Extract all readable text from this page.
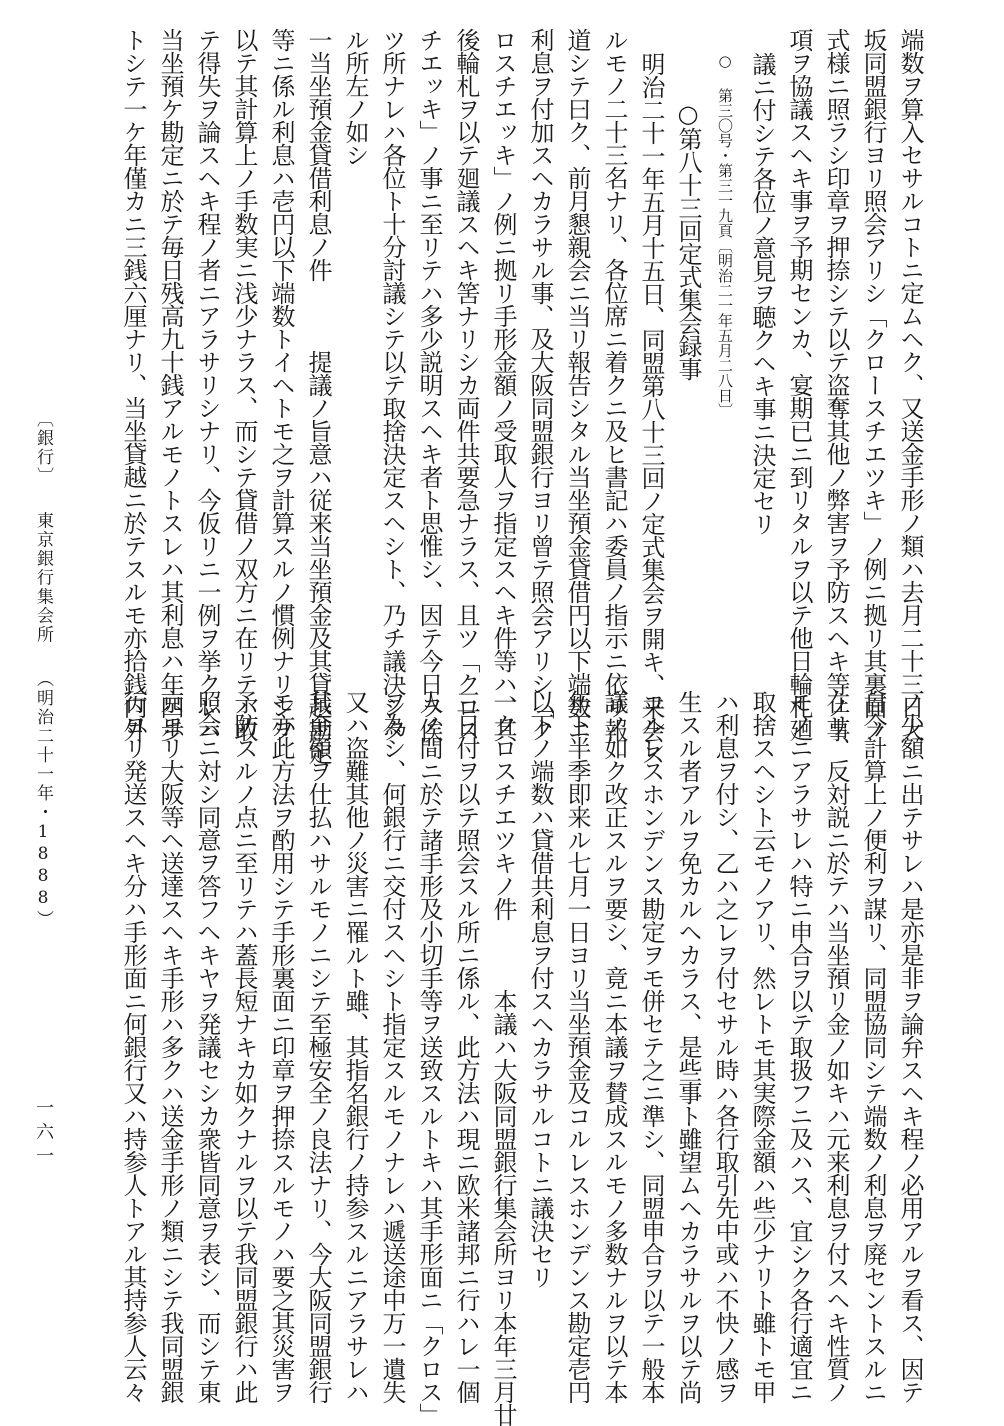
端数ヲ算入セサルコトニ定ムヘク、又送金手形ノ類ハ去月二十三日大

坂同盟銀行ヨリ照会アリシ「クロースチエツキ」ノ例ニ拠リ其裏面ノ

式様ニ照ラシ印章ヲ押捺シテ以テ盗奪其他ノ弊害ヲ予防スヘキ等ノ事

項ヲ協議スヘキ事ヲ予期センカ、宴期已ニ到リタルヲ以テ他日輪札廻

議ニ付シテ各位ノ意見ヲ聴クヘキ事ニ決定セリ

○ 第三〇号・第三一九頁〔明治二一年五月二八日〕

○第八十三回定式集会録事

明治二十一年五月十五日、同盟第八十三回ノ定式集会ヲ開キ、来会ス

ルモノ二十三名ナリ、各位席ニ着クニ及ヒ書記ハ委員ノ指示ニ依リ報

道シテ曰ク、前月懇親会ニ当リ報告シタル当坐預金貸借円以下端数ニ

利息ヲ付加スヘカラサル事、及大阪同盟銀行ヨリ曾テ照会アリシ「ク

ロスチエッキ」ノ例ニ拠リ手形金額ノ受取人ヲ指定スヘキ件等ハ、其

後輪札ヲ以テ廻議スヘキ筈ナリシカ両件共要急ナラス、且ツ「クロス

チエッキ」ノ事ニ至リテハ多少説明スヘキ者ト思惟シ、因テ今日ヲ俟

ツ所ナレハ各位ト十分討議シテ以テ取捨決定スヘシト、乃チ議決シタ

ル所左ノ如シ

一当坐預金貸借利息ノ件　　　提議ノ旨意ハ従来当坐預金及其貸越勘定

等ニ係ル利息ハ壱円以下端数トイヘトモ之ヲ計算スルノ慣例ナリシヲ

以テ其計算上ノ手数実ニ浅少ナラス、而シテ貸借ノ双方ニ在リテハ敢

テ得失ヲ論スヘキ程ノ者ニアラサリシナリ、今仮リニ一例ヲ挙クレハ

当坐預ケ勘定ニ於テ毎日残高九十銭アルモノトスレハ其利息ハ年四歩

トシテ一ケ年僅カニ三銭六厘ナリ、当坐貸越ニ於テスルモ亦拾銭内外

ノ少額ニ出テサレハ是亦是非ヲ論弁スヘキ程ノ必用アルヲ看ス、因テ

自今計算上ノ便利ヲ謀リ、同盟協同シテ端数ノ利息ヲ廃セントスルニ

在リ、反対説ニ於テハ当坐預リ金ノ如キハ元来利息ヲ付スヘキ性質ノ

モノニアラサレハ特ニ申合ヲ以テ取扱フニ及ハス、宜シク各行適宜ニ

取捨スヘシト云モノアリ、然レトモ其実際金額ハ些少ナリト雖トモ甲

ハ利息ヲ付シ、乙ハ之レヲ付セサル時ハ各行取引先中或ハ不快ノ感ヲ

生スル者アルヲ免カルヘカラス、是些事ト雖望ムヘカラサルヲ以テ尚

コルレスホンデンス勘定ヲモ併セテ之ニ準シ、同盟申合ヲ以テ一般本

議ノ如ク改正スルヲ要シ、竟ニ本議ヲ賛成スルモノ多数ナルヲ以テ本

年下半季即来ル七月一日ヨリ当坐預金及コルレスホンデンス勘定壱円

以下ノ端数ハ貸借共利息ヲ付スヘカラサルコトニ議決セリ

一クロスチエツキノ件　　　本議ハ大阪同盟銀行集会所ヨリ本年三月廿

三日付ヲ以テ照会スル所ニ係ル、此方法ハ現ニ欧米諸邦ニ行ハレ一個

人ノ間ニ於テ諸手形及小切手等ヲ送致スルトキハ其手形面ニ「クロス」

ヲ為シ、何銀行ニ交付スヘシト指定スルモノナレハ遞送途中万一遺失

又ハ盗難其他ノ災害ニ罹ルト雖、其指名銀行ノ持参スルニアラサレハ

其金額ヲ仕払ハサルモノニシテ至極安全ノ良法ナリ、今大阪同盟銀行

モ亦此方法ヲ酌用シテ手形裏面ニ印章ヲ押捺スルモノハ要之其災害ヲ

予防スルノ点ニ至リテハ蓋長短ナキカ如クナルヲ以テ我同盟銀行ハ此

照会ニ対シ同意ヲ答フヘキヤヲ発議セシカ衆皆同意ヲ表シ、而シテ東

京ヨリ大阪等ヘ送達スヘキ手形ハ多クハ送金手形ノ類ニシテ我同盟銀

行ヨリ発送スヘキ分ハ手形面ニ何銀行又ハ持参人トアル其持参人云々

〔銀行〕　　東京銀行集会所　　（明治二十一年・1888）
一六一
